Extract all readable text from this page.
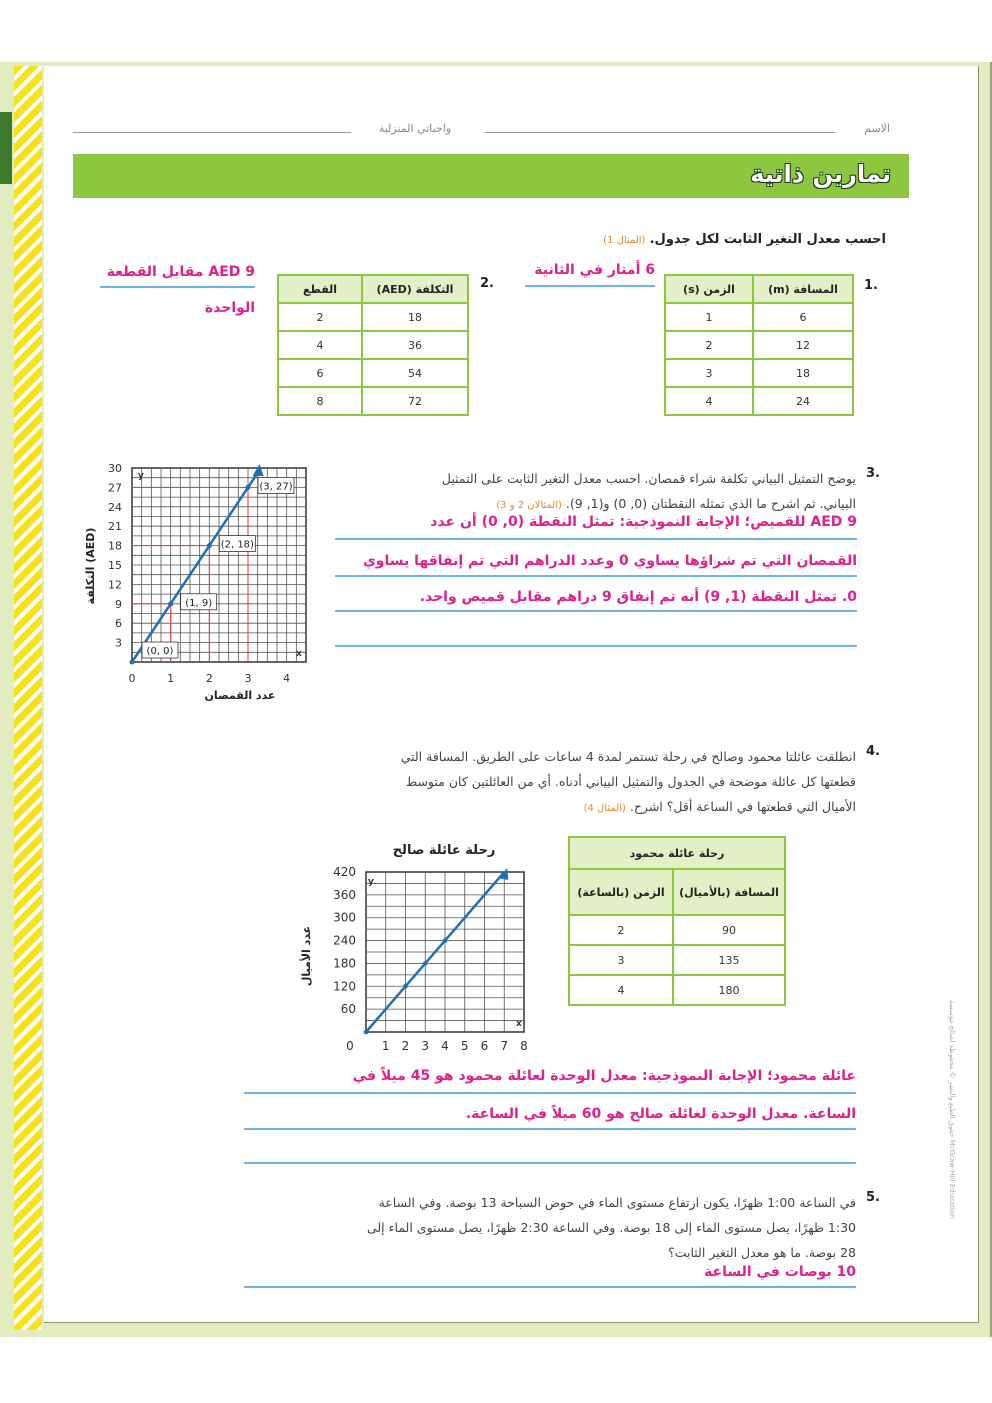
الاسم
واجباتي المنزلية
تمارين ذاتية
احسب معدل التغير الثابت لكل جدول. (المثال 1)
1.
المسافة (m)	الزمن (s)
6	1
12	2
18	3
24	4
6 أمتار في الثانية
2.
التكلفة (AED)	القطع
18	2
36	4
54	6
72	8
AED 9 مقابل القطعة
الواحدة
3.
يوضح التمثيل البياني تكلفة شراء قمصان. احسب معدل التغير الثابت على التمثيل
البياني. ثم اشرح ما الذي تمثله النقطتان (0, 0) و(1, 9). (المثالان 2 و 3)
AED 9 للقميص؛ الإجابة النموذجية: تمثل النقطة (0, 0) أن عدد
القمصان التي تم شراؤها يساوي 0 وعدد الدراهم التي تم إنفاقها يساوي
0. تمثل النقطة (1, 9) أنه تم إنفاق 9 دراهم مقابل قميص واحد.
0	1	2	3	4
3
6
9
12
15
18
21
24
27
30
(0, 0)
(1, 9)
(2, 18)
(3, 27)
عدد القمصان
التكلفة (AED)
y
x
4.
انطلقت عائلتا محمود وصالح في رحلة تستمر لمدة 4 ساعات على الطريق. المسافة التي
قطعتها كل عائلة موضحة في الجدول والتمثيل البياني أدناه. أي من العائلتين كان متوسط
الأميال التي قطعتها في الساعة أقل؟ اشرح. (المثال 4)
رحلة عائلة محمود	
المسافة (بالأميال)	الزمن (بالساعة)
90	2
135	3
180	4
رحلة عائلة صالح
0 1 2 3 4 5 6 7 8
60
120
180
240
300
360
420
عدد الأميال
y
x
عائلة محمود؛ الإجابة النموذجية: معدل الوحدة لعائلة محمود هو 45 ميلاً في
الساعة. معدل الوحدة لعائلة صالح هو 60 ميلاً في الساعة.
5.
في الساعة 1:00 ظهرًا، يكون ارتفاع مستوى الماء في حوض السباحة 13 بوصة. وفي الساعة
1:30 ظهرًا، يصل مستوى الماء إلى 18 بوصة. وفي الساعة 2:30 ظهرًا، يصل مستوى الماء إلى
28 بوصة. ما هو معدل التغير الثابت؟
10 بوصات في الساعة
حقوق الطبع والنشر © محفوظة لصالح مؤسسة McGraw-Hill Education
